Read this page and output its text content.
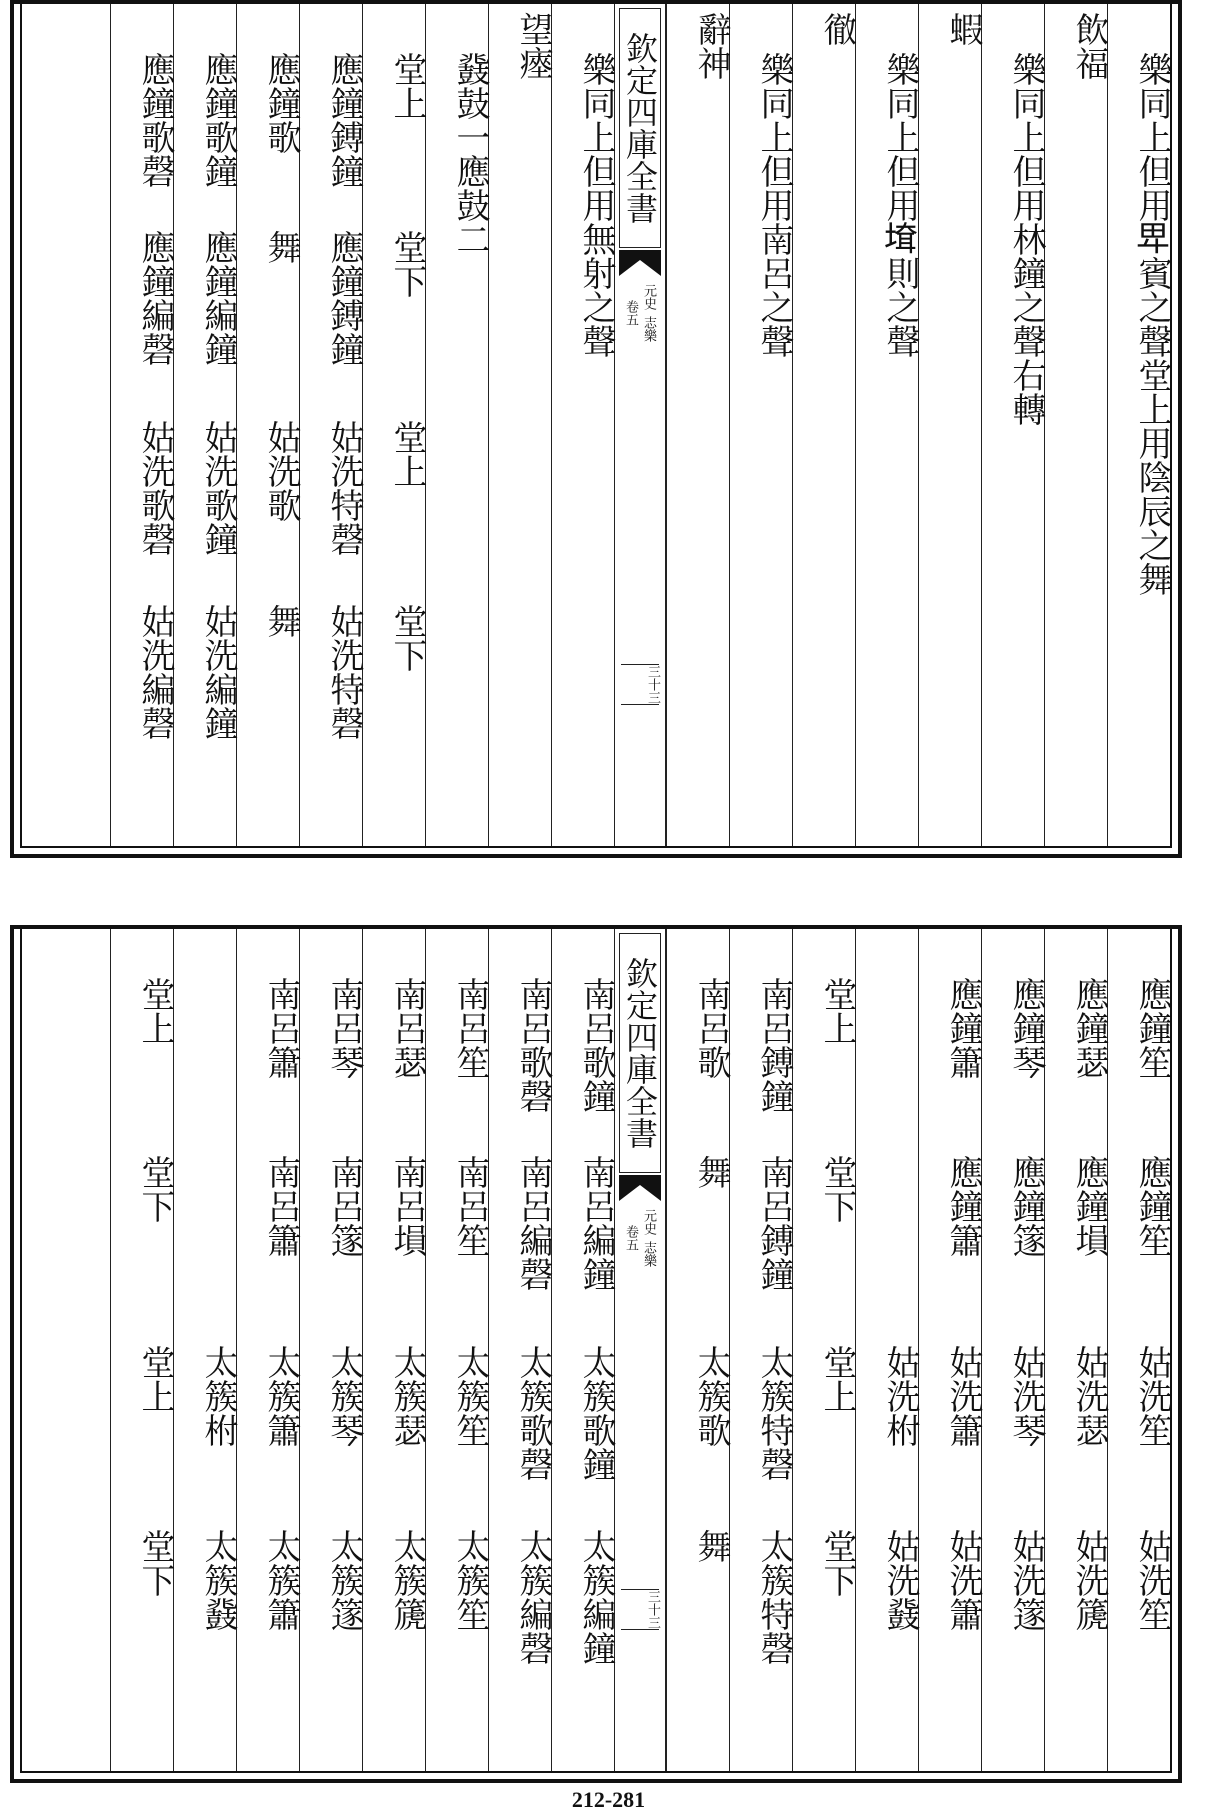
樂同上但用𤰞賓之聲堂上用陰辰之舞
飲福
樂同上但用林鐘之聲右轉
蝦
樂同上但用𡍲則之聲
徹
樂同上但用南呂之聲
辭神
欽定四庫全書
元史
志樂
卷五
三十三
樂同上但用無射之聲
望瘞
鼗鼓一應鼓二
堂上
堂下
堂上
堂下
應鐘鎛鐘
應鐘鎛鐘
姑洗特磬
姑洗特磬
應鐘歌
舞
姑洗歌
舞
應鐘歌鐘
應鐘編鐘
姑洗歌鐘
姑洗編鐘
應鐘歌磬
應鐘編磬
姑洗歌磬
姑洗編磬
應鐘笙
應鐘笙
姑洗笙
姑洗笙
應鐘瑟
應鐘塤
姑洗瑟
姑洗篪
應鐘琴
應鐘篴
姑洗琴
姑洗篴
應鐘簫
應鐘簫
姑洗簫
姑洗簫
姑洗柎
姑洗鼗
堂上
堂下
堂上
堂下
南呂鎛鐘
南呂鎛鐘
太簇特磬
太簇特磬
南呂歌
舞
太簇歌
舞
欽定四庫全書
元史
志樂
卷五
三十三
南呂歌鐘
南呂編鐘
太簇歌鐘
太簇編鐘
南呂歌磬
南呂編磬
太簇歌磬
太簇編磬
南呂笙
南呂笙
太簇笙
太簇笙
南呂瑟
南呂塤
太簇瑟
太簇篪
南呂琴
南呂篴
太簇琴
太簇篴
南呂簫
南呂簫
太簇簫
太簇簫
太簇柎
太簇鼗
堂上
堂下
堂上
堂下
212-281
